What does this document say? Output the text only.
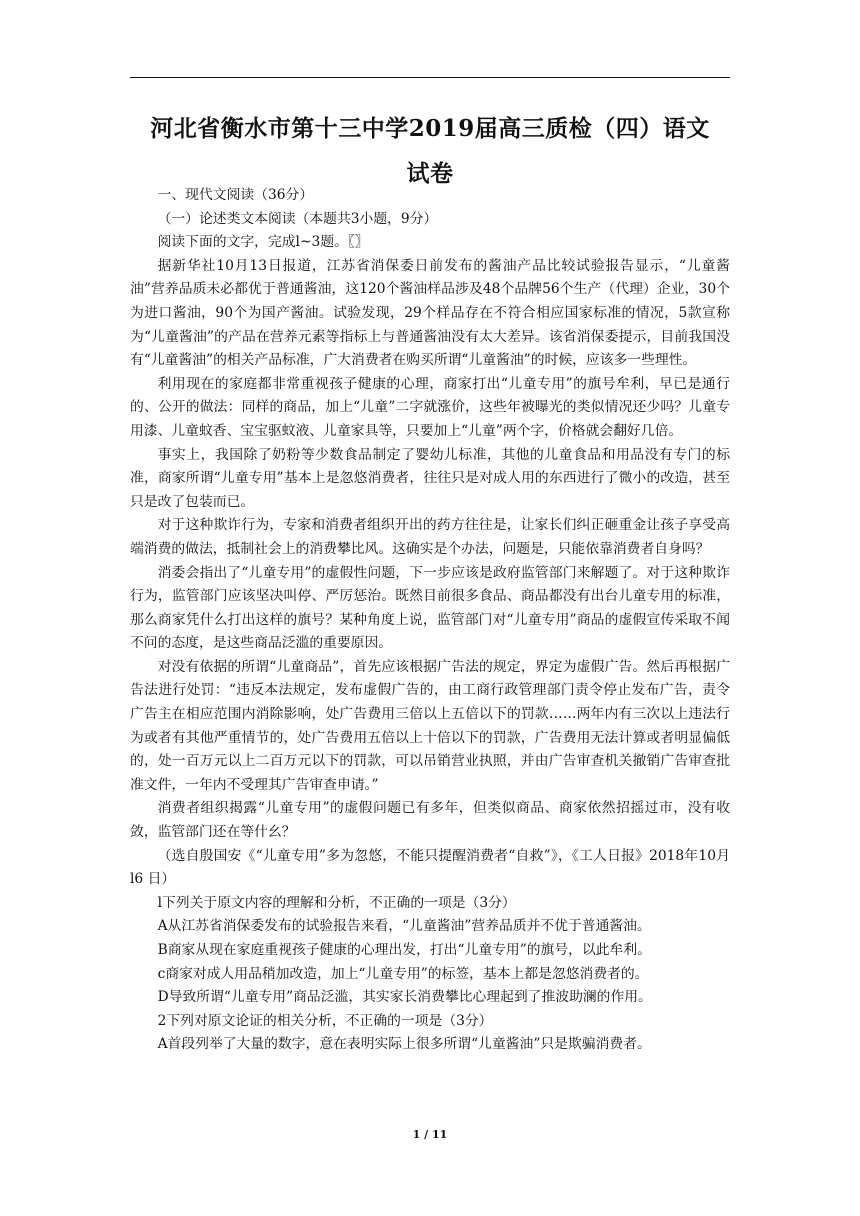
河北省衡水市第十三中学2019届高三质检（四）语文
试卷

一、现代文阅读（36分）

（一）论述类文本阅读（本题共3小题，9分）

阅读下面的文字，完成l~3题。〖〗

据新华社10月13日报道，江苏省消保委日前发布的酱油产品比较试验报告显示，“儿童酱油”营养品质未必都优于普通酱油，这120个酱油样品涉及48个品牌56个生产（代理）企业，30个为进口酱油，90个为国产酱油。试验发现，29个样品存在不符合相应国家标准的情况，5款宣称为“儿童酱油”的产品在营养元素等指标上与普通酱油没有太大差异。该省消保委提示，目前我国没有“儿童酱油”的相关产品标准，广大消费者在购买所谓“儿童酱油”的时候，应该多一些理性。

利用现在的家庭都非常重视孩子健康的心理，商家打出“儿童专用”的旗号牟利，早已是通行的、公开的做法：同样的商品，加上“儿童”二字就涨价，这些年被曝光的类似情况还少吗？儿童专用漆、儿童蚊香、宝宝驱蚊液、儿童家具等，只要加上“儿童”两个字，价格就会翻好几倍。

事实上，我国除了奶粉等少数食品制定了婴幼儿标准，其他的儿童食品和用品没有专门的标准，商家所谓“儿童专用”基本上是忽悠消费者，往往只是对成人用的东西进行了微小的改造，甚至只是改了包装而已。

对于这种欺诈行为，专家和消费者组织开出的药方往往是，让家长们纠正砸重金让孩子享受高端消费的做法，抵制社会上的消费攀比风。这确实是个办法，问题是，只能依靠消费者自身吗？

消委会指出了“儿童专用”的虚假性问题，下一步应该是政府监管部门来解题了。对于这种欺诈行为，监管部门应该坚决叫停、严厉惩治。既然目前很多食品、商品都没有出台儿童专用的标准，那么商家凭什么打出这样的旗号？某种角度上说，监管部门对“儿童专用”商品的虚假宣传采取不闻不问的态度，是这些商品泛滥的重要原因。

对没有依据的所谓“儿童商品”，首先应该根据广告法的规定，界定为虚假广告。然后再根据广告法进行处罚：“违反本法规定，发布虚假广告的，由工商行政管理部门责令停止发布广告，责令广告主在相应范围内消除影响，处广告费用三倍以上五倍以下的罚款……两年内有三次以上违法行为或者有其他严重情节的，处广告费用五倍以上十倍以下的罚款，广告费用无法计算或者明显偏低的，处一百万元以上二百万元以下的罚款，可以吊销营业执照，并由广告审查机关撤销广告审查批准文件，一年内不受理其广告审查申请。”

消费者组织揭露“儿童专用”的虚假问题已有多年，但类似商品、商家依然招摇过市，没有收敛，监管部门还在等什幺？

（选自殷国安《“儿童专用”多为忽悠，不能只提醒消费者“自救”》，《工人日报》2018年10月l6 日）

l下列关于原文内容的理解和分析，不正确的一项是（3分）

A从江苏省消保委发布的试验报告来看，“儿童酱油”营养品质并不优于普通酱油。

B商家从现在家庭重视孩子健康的心理出发，打出“儿童专用”的旗号，以此牟利。

c商家对成人用品稍加改造，加上“儿童专用”的标签，基本上都是忽悠消费者的。

D导致所谓“儿童专用”商品泛滥，其实家长消费攀比心理起到了推波助澜的作用。

2下列对原文论证的相关分析，不正确的一项是（3分）

A首段列举了大量的数字，意在表明实际上很多所谓“儿童酱油”只是欺骗消费者。

1 / 11
